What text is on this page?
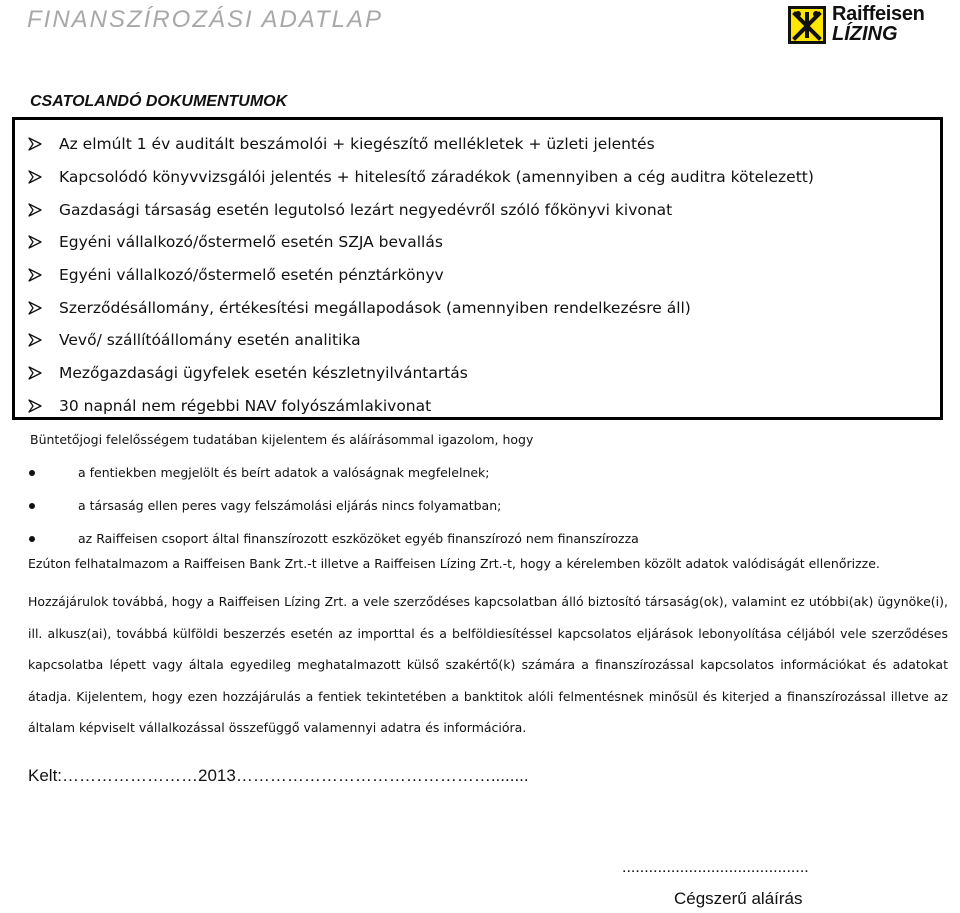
FINANSZÍROZÁSI ADATLAP	Raiffeisen
LÍZING
CSATOLANDÓ DOKUMENTUMOK
Az elmúlt 1 év auditált beszámolói + kiegészítő mellékletek + üzleti jelentés
Kapcsolódó könyvvizsgálói jelentés + hitelesítő záradékok (amennyiben a cég auditra kötelezett)
Gazdasági társaság esetén legutolsó lezárt negyedévről szóló főkönyvi kivonat
Egyéni vállalkozó/őstermelő esetén SZJA bevallás
Egyéni vállalkozó/őstermelő esetén pénztárkönyv
Szerződésállomány, értékesítési megállapodások (amennyiben rendelkezésre áll)
Vevő/ szállítóállomány esetén analitika
Mezőgazdasági ügyfelek esetén készletnyilvántartás
30 napnál nem régebbi NAV folyószámlakivonat

Büntetőjogi felelősségem tudatában kijelentem és aláírásommal igazolom, hogy

a fentiekben megjelölt és beírt adatok a valóságnak megfelelnek;
a társaság ellen peres vagy felszámolási eljárás nincs folyamatban;
az Raiffeisen csoport által finanszírozott eszközöket egyéb finanszírozó nem finanszírozza

Ezúton felhatalmazom a Raiffeisen Bank Zrt.-t illetve a Raiffeisen Lízing Zrt.-t, hogy a kérelemben közölt adatok valódiságát ellenőrizze.

Hozzájárulok továbbá, hogy a Raiffeisen Lízing Zrt. a vele szerződéses kapcsolatban álló biztosító társaság(ok), valamint ez utóbbi(ak) ügynöke(i), ill. alkusz(ai), továbbá külföldi beszerzés esetén az importtal és a belföldiesítéssel kapcsolatos eljárások lebonyolítása céljából vele szerződéses kapcsolatba lépett vagy általa egyedileg meghatalmazott külső szakértő(k) számára a finanszírozással kapcsolatos információkat és adatokat átadja. Kijelentem, hogy ezen hozzájárulás a fentiek tekintetében a banktitok alóli felmentésnek minősül és kiterjed a finanszírozással illetve az általam képviselt vállalkozással összefüggő valamennyi adatra és információra.

Kelt:……………………2013………………………………………........

..........................................

Cégszerű aláírás
